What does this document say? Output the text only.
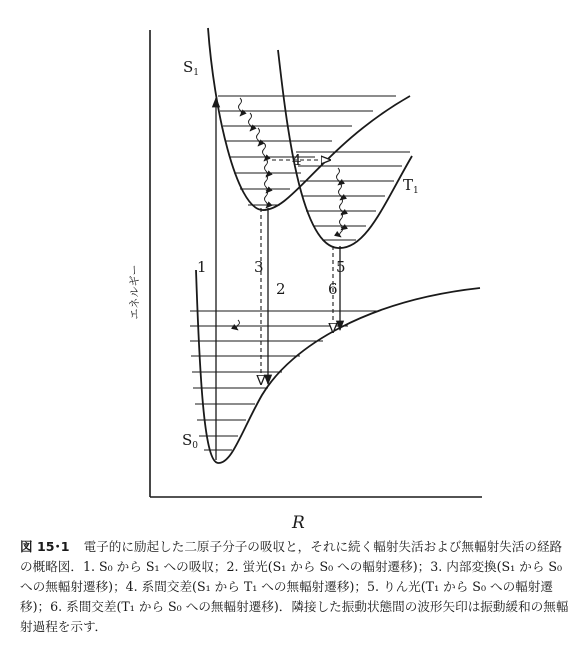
$S_1$
$T_1$
$S_0$
1
2
3
4
5
6
R
エネルギー
図 15･1 電子的に励起した二原子分子の吸収と，それに続く輻射失活および無輻射失活の経路の概略図．1. S₀ から S₁ への吸収；2. 蛍光(S₁ から S₀ への輻射遷移)；3. 内部変換(S₁ から S₀ への無輻射遷移)；4. 系間交差(S₁ から T₁ への無輻射遷移)；5. りん光(T₁ から S₀ への輻射遷移)；6. 系間交差(T₁ から S₀ への無輻射遷移)．隣接した振動状態間の波形矢印は振動緩和の無輻射過程を示す．
